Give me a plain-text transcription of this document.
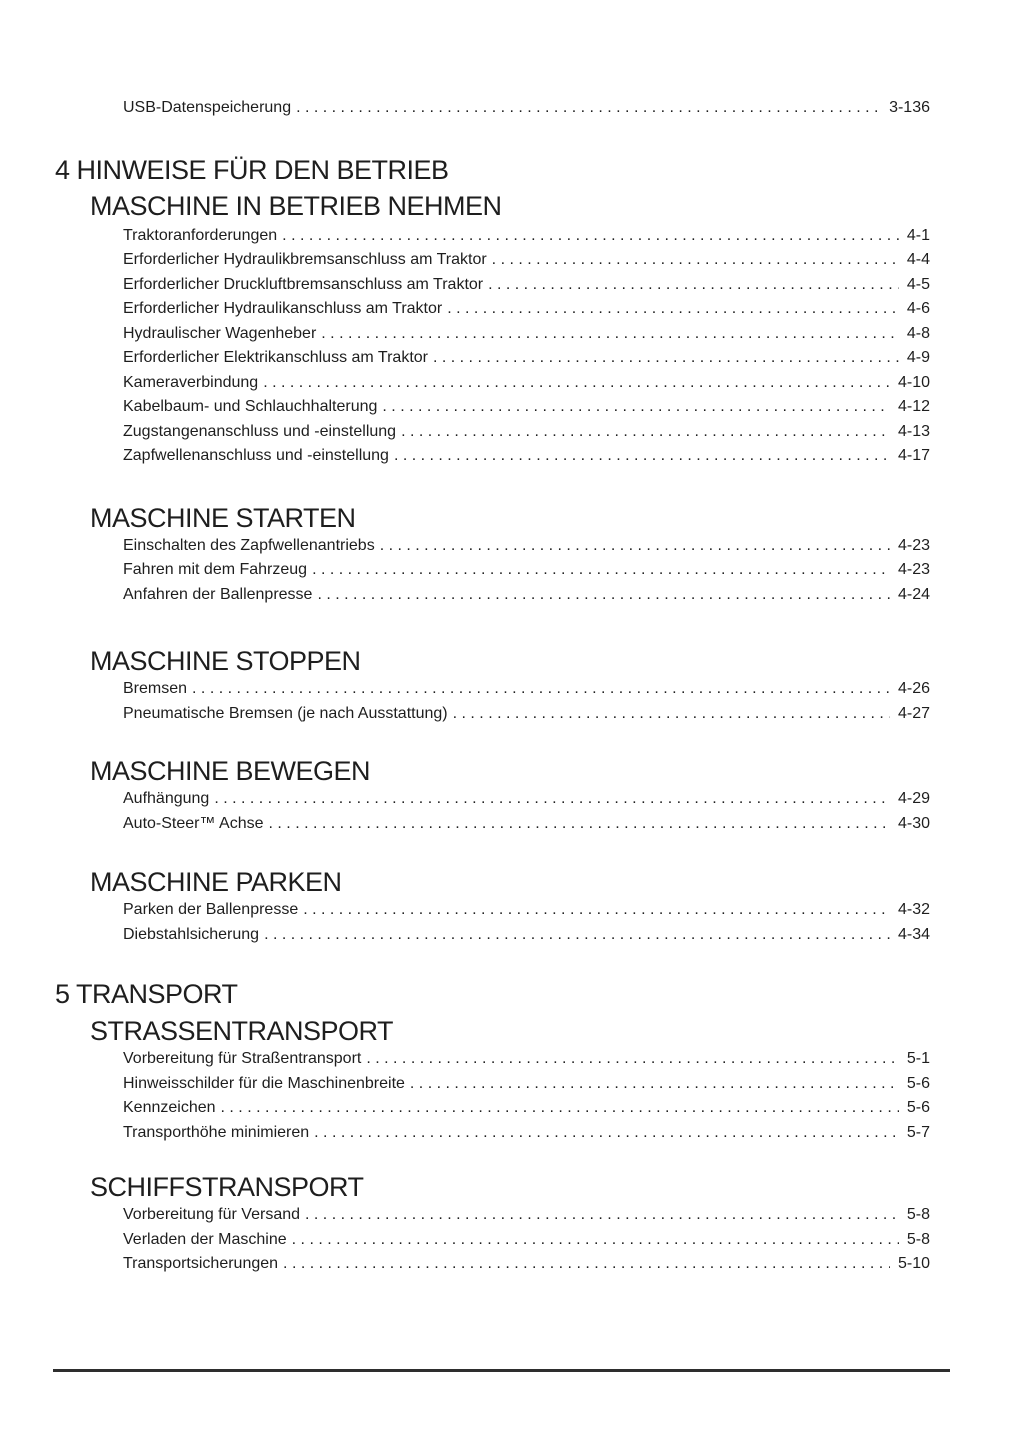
USB-Datenspeicherung . . .	3-136
4 HINWEISE FÜR DEN BETRIEB
MASCHINE IN BETRIEB NEHMEN
Traktoranforderungen . . .	4-1
Erforderlicher Hydraulikbremsanschluss am Traktor . . .	4-4
Erforderlicher Druckluftbremsanschluss am Traktor . . .	4-5
Erforderlicher Hydraulikanschluss am Traktor . . .	4-6
Hydraulischer Wagenheber . . .	4-8
Erforderlicher Elektrikanschluss am Traktor . . .	4-9
Kameraverbindung . . .	4-10
Kabelbaum- und Schlauchhalterung . . .	4-12
Zugstangenanschluss und -einstellung . . .	4-13
Zapfwellenanschluss und -einstellung . . .	4-17
MASCHINE STARTEN
Einschalten des Zapfwellenantriebs . . .	4-23
Fahren mit dem Fahrzeug . . .	4-23
Anfahren der Ballenpresse . . .	4-24
MASCHINE STOPPEN
Bremsen . . .	4-26
Pneumatische Bremsen (je nach Ausstattung) . . .	4-27
MASCHINE BEWEGEN
Aufhängung . . .	4-29
Auto-Steer™ Achse . . .	4-30
MASCHINE PARKEN
Parken der Ballenpresse . . .	4-32
Diebstahlsicherung . . .	4-34
5 TRANSPORT
STRASSENTRANSPORT
Vorbereitung für Straßentransport . . .	5-1
Hinweisschilder für die Maschinenbreite . . .	5-6
Kennzeichen . . .	5-6
Transporthöhe minimieren . . .	5-7
SCHIFFSTRANSPORT
Vorbereitung für Versand . . .	5-8
Verladen der Maschine . . .	5-8
Transportsicherungen . . .	5-10
